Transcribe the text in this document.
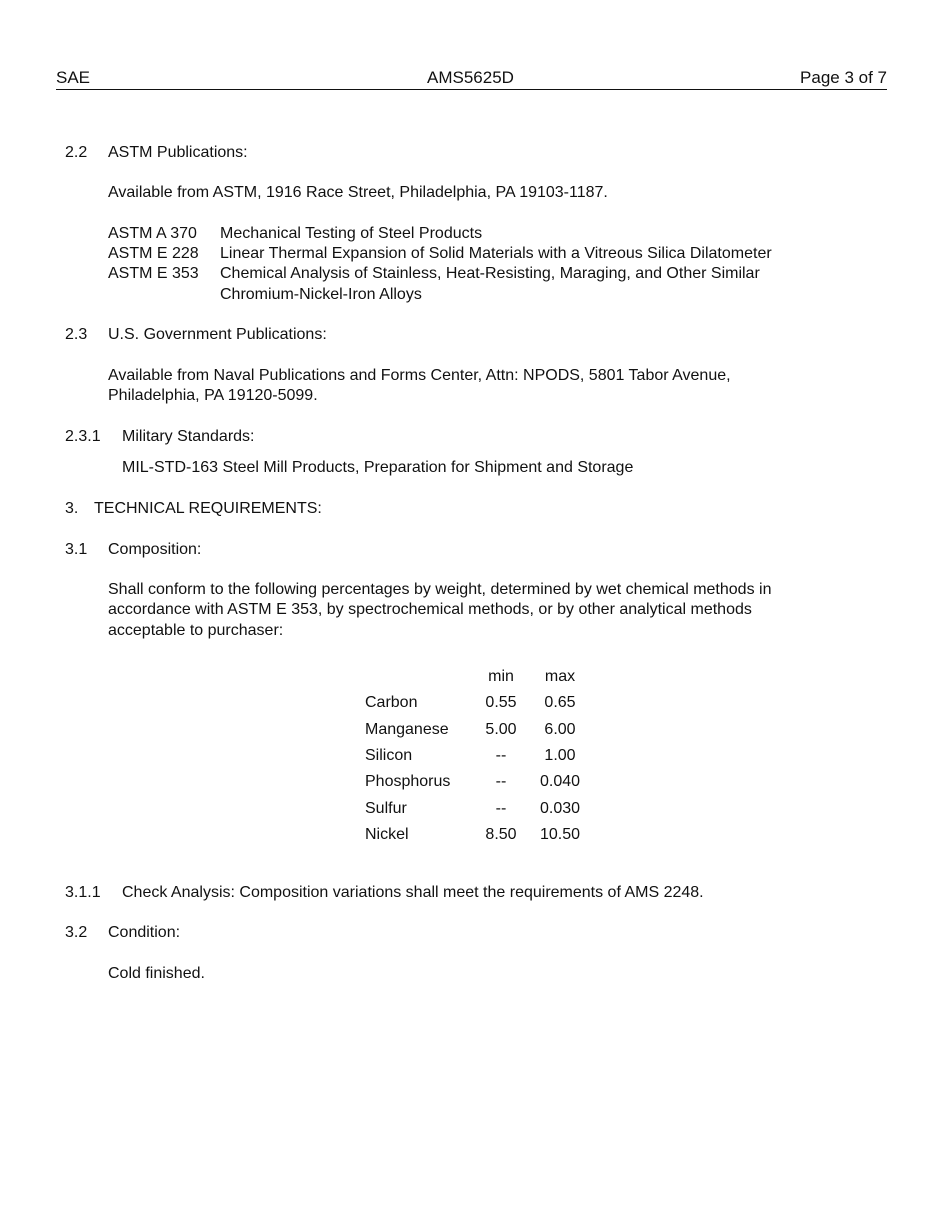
SAE	AMS5625D	Page 3 of 7
2.2 ASTM Publications:
Available from ASTM, 1916 Race Street, Philadelphia, PA 19103-1187.
ASTM A 370 Mechanical Testing of Steel Products
ASTM E 228 Linear Thermal Expansion of Solid Materials with a Vitreous Silica Dilatometer
ASTM E 353 Chemical Analysis of Stainless, Heat-Resisting, Maraging, and Other Similar
Chromium-Nickel-Iron Alloys
2.3 U.S. Government Publications:
Available from Naval Publications and Forms Center, Attn: NPODS, 5801 Tabor Avenue,
Philadelphia, PA 19120-5099.
2.3.1 Military Standards:
MIL-STD-163 Steel Mill Products, Preparation for Shipment and Storage
3. TECHNICAL REQUIREMENTS:
3.1 Composition:
Shall conform to the following percentages by weight, determined by wet chemical methods in
accordance with ASTM E 353, by spectrochemical methods, or by other analytical methods
acceptable to purchaser:
	min	max
Carbon	0.55	0.65
Manganese	5.00	6.00
Silicon	--	1.00
Phosphorus	--	0.040
Sulfur	--	0.030
Nickel	8.50	10.50
3.1.1 Check Analysis: Composition variations shall meet the requirements of AMS 2248.
3.2 Condition:
Cold finished.
